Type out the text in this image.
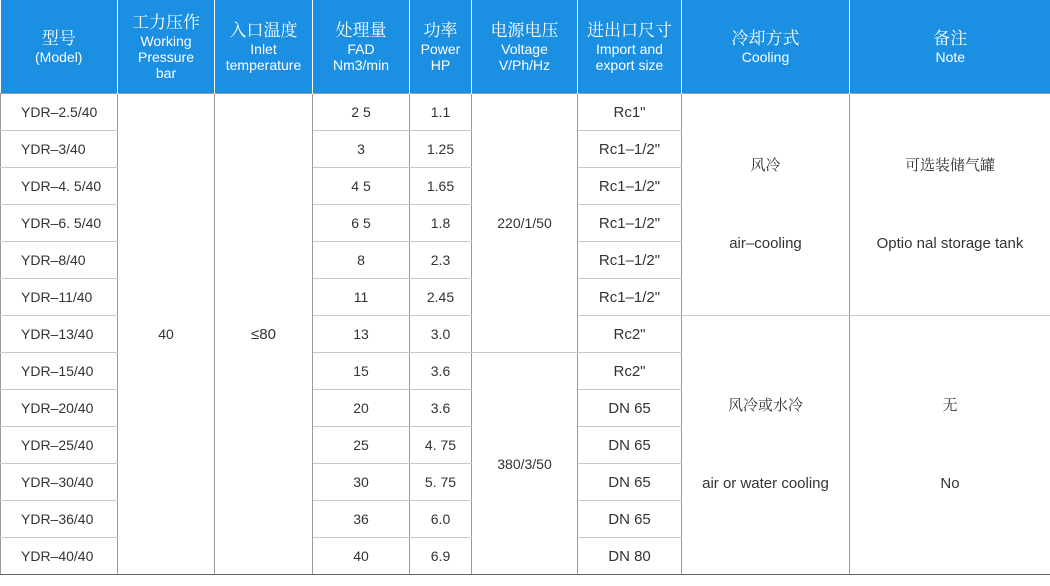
型号
(Model)	工力压作
Working
Pressure
bar	入口温度
Inlet
temperature	处理量
FAD
Nm3/min	功率
Power
HP	电源电压
Voltage
V/Ph/Hz	进出口尺寸
Import and
export size	冷却方式
Cooling	备注
Note

YDR–2.5/40	40	≤80	2 5	1.1	220/1/50	Rc1"	风冷
air–cooling	可选装储气罐
Optio nal storage tank

YDR–3/40			3	1.25		Rc1–1/2"		
YDR–4. 5/40			4 5	1.65		Rc1–1/2"		
YDR–6. 5/40			6 5	1.8		Rc1–1/2"		
YDR–8/40			8	2.3		Rc1–1/2"		
YDR–11/40			11	2.45		Rc1–1/2"		
YDR–13/40			13	3.0		Rc2"	风冷或水冷
air or water cooling	无
No

YDR–15/40			15	3.6	380/3/50	Rc2"		
YDR–20/40			20	3.6		DN 65		
YDR–25/40			25	4. 75		DN 65		
YDR–30/40			30	5. 75		DN 65		
YDR–36/40			36	6.0		DN 65		
YDR–40/40			40	6.9		DN 80		
